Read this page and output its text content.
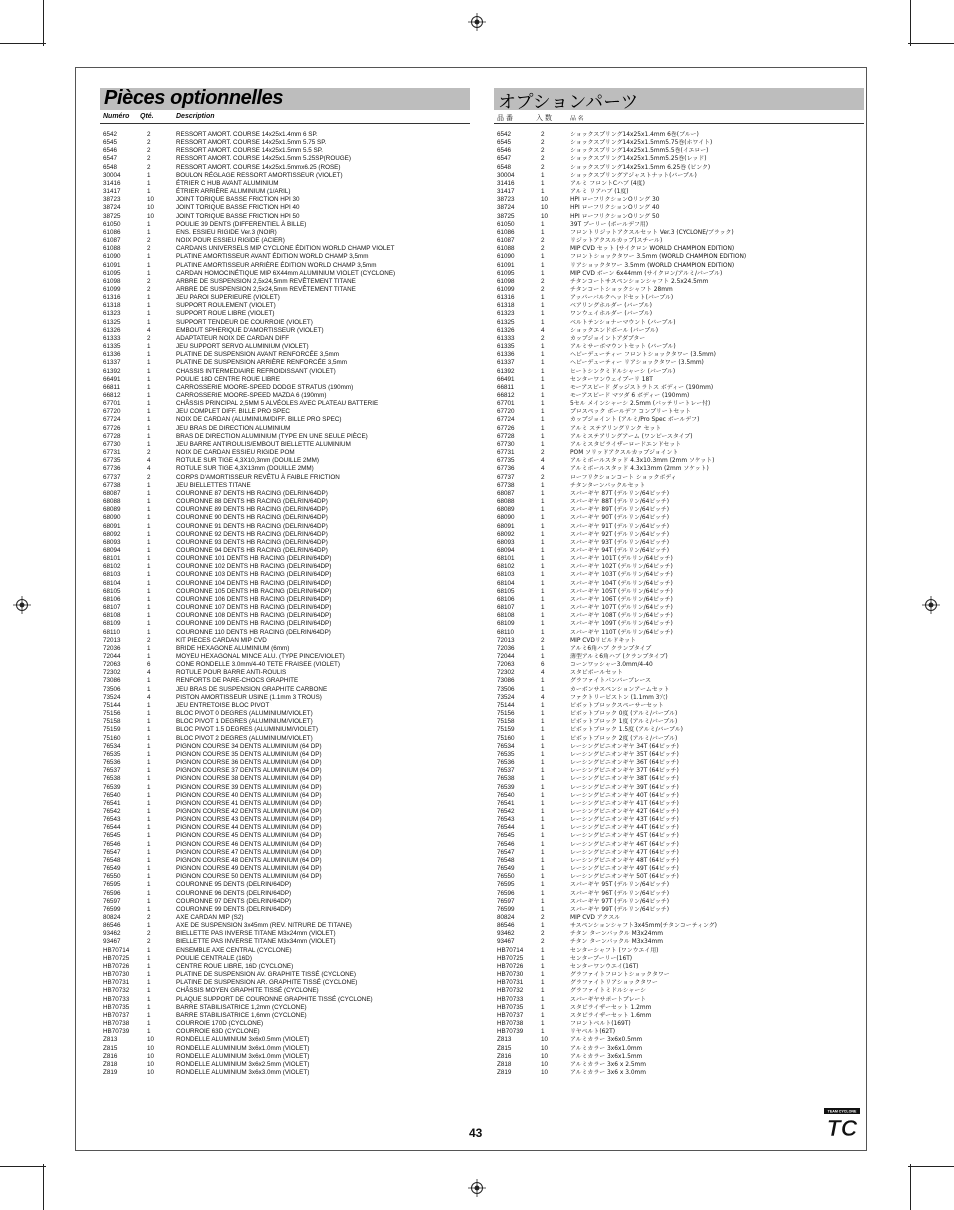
Pièces optionnelles
Numéro Qté.	Description
6542	2	RESSORT AMORT. COURSE 14x25x1.4mm 6 SP.
6545	2	RESSORT AMORT. COURSE 14x25x1.5mm 5.75 SP.
6546	2	RESSORT AMORT. COURSE 14x25x1.5mm 5.5 SP.
6547	2	RESSORT AMORT. COURSE 14x25x1.5mm 5.25SP(ROUGE)
6548	2	RESSORT AMORT. COURSE 14x25x1.5mmx6.25 (ROSE)
30004	1	BOULON RÉGLAGE RESSORT AMORTISSEUR (VIOLET)
31416	1	ÉTRIER C HUB AVANT ALUMINIUM
31417	1	ÉTRIER ARRIÈRE ALUMINIUM (1/ARIL)
38723	10	JOINT TORIQUE BASSE FRICTION HPI 30
38724	10	JOINT TORIQUE BASSE FRICTION HPI 40
38725	10	JOINT TORIQUE BASSE FRICTION HPI 50
61050	1	POULIE 39 DENTS (DIFFERENTIEL À BILLE)
61086	1	ENS. ESSIEU RIGIDE Ver.3 (NOIR)
61087	2	NOIX POUR ESSIEU RIGIDE (ACIER)
61088	2	CARDANS UNIVERSELS MIP CYCLONE ÉDITION WORLD CHAMP VIOLET
61090	1	PLATINE AMORTISSEUR AVANT ÉDITION WORLD CHAMP 3,5mm
61091	1	PLATINE AMORTISSEUR ARRIÈRE ÉDITION WORLD CHAMP 3,5mm
61095	1	CARDAN HOMOCINÉTIQUE MIP 6X44mm ALUMINIUM VIOLET (CYCLONE)
61098	2	ARBRE DE SUSPENSION 2,5x24,5mm REVÊTEMENT TITANE
61099	2	ARBRE DE SUSPENSION 2,5x24,5mm REVÊTEMENT TITANE
61316	1	JEU PAROI SUPERIEURE (VIOLET)
61318	1	SUPPORT ROULEMENT (VIOLET)
61323	1	SUPPORT ROUE LIBRE (VIOLET)
61325	1	SUPPORT TENDEUR DE COURROIE (VIOLET)
61326	4	EMBOUT SPHERIQUE D'AMORTISSEUR (VIOLET)
61333	2	ADAPTATEUR NOIX DE CARDAN DIFF
61335	1	JEU SUPPORT SERVO ALUMINIUM (VIOLET)
61336	1	PLATINE DE SUSPENSION AVANT RENFORCÉE 3,5mm
61337	1	PLATINE DE SUSPENSION ARRIÈRE RENFORCÉE 3,5mm
61392	1	CHASSIS INTERMEDIAIRE REFROIDISSANT (VIOLET)
66491	1	POULIE 18D CENTRE ROUE LIBRE
66811	1	CARROSSERIE MOORE-SPEED DODGE STRATUS (190mm)
66812	1	CARROSSERIE MOORE-SPEED MAZDA 6 (190mm)
67701	1	CHÂSSIS PRINCIPAL 2,5MM 5 ALVÉOLES AVEC PLATEAU BATTERIE
67720	1	JEU COMPLET DIFF. BILLE PRO SPEC
67724	1	NOIX DE CARDAN (ALUMINIUM/DIFF. BILLE PRO SPEC)
67726	1	JEU BRAS DE DIRECTION ALUMINIUM
67728	1	BRAS DE DIRECTION ALUMINIUM (TYPE EN UNE SEULE PIÈCE)
67730	1	JEU BARRE ANTIROULIS/EMBOUT BIELLETTE ALUMINIUM
67731	2	NOIX DE CARDAN ESSIEU RIGIDE POM
67735	4	ROTULE SUR TIGE 4,3X10,3mm (DOUILLE 2MM)
67736	4	ROTULE SUR TIGE 4,3X13mm (DOUILLE 2MM)
67737	2	CORPS D'AMORTISSEUR REVÊTU À FAIBLE FRICTION
67738	1	JEU BIELLETTES TITANE
68087	1	COURONNE 87 DENTS HB RACING (DELRIN/64DP)
68088	1	COURONNE 88 DENTS HB RACING (DELRIN/64DP)
68089	1	COURONNE 89 DENTS HB RACING (DELRIN/64DP)
68090	1	COURONNE 90 DENTS HB RACING (DELRIN/64DP)
68091	1	COURONNE 91 DENTS HB RACING (DELRIN/64DP)
68092	1	COURONNE 92 DENTS HB RACING (DELRIN/64DP)
68093	1	COURONNE 93 DENTS HB RACING (DELRIN/64DP)
68094	1	COURONNE 94 DENTS HB RACING (DELRIN/64DP)
68101	1	COURONNE 101 DENTS HB RACING (DELRIN/64DP)
68102	1	COURONNE 102 DENTS HB RACING (DELRIN/64DP)
68103	1	COURONNE 103 DENTS HB RACING (DELRIN/64DP)
68104	1	COURONNE 104 DENTS HB RACING (DELRIN/64DP)
68105	1	COURONNE 105 DENTS HB RACING (DELRIN/64DP)
68106	1	COURONNE 106 DENTS HB RACING (DELRIN/64DP)
68107	1	COURONNE 107 DENTS HB RACING (DELRIN/64DP)
68108	1	COURONNE 108 DENTS HB RACING (DELRIN/64DP)
68109	1	COURONNE 109 DENTS HB RACING (DELRIN/64DP)
68110	1	COURONNE 110 DENTS HB RACING (DELRIN/64DP)
72013	2	KIT PIECES CARDAN MIP CVD
72036	1	BRIDE HEXAGONE ALUMINIUM (6mm)
72044	1	MOYEU HEXAGONAL MINCE ALU. (TYPE PINCE/VIOLET)
72063	6	CONE RONDELLE 3.0mm/4-40 TETE FRAISEE (VIOLET)
72302	4	ROTULE POUR BARRE ANTI-ROULIS
73086	1	RENFORTS DE PARE-CHOCS GRAPHITE
73506	1	JEU BRAS DE SUSPENSION GRAPHITE CARBONE
73524	4	PISTON AMORTISSEUR USINE (1.1mm 3 TROUS)
75144	1	JEU ENTRETOISE BLOC PIVOT
75156	1	BLOC PIVOT 0 DEGRES (ALUMINIUM/VIOLET)
75158	1	BLOC PIVOT 1 DEGRES (ALUMINIUM/VIOLET)
75159	1	BLOC PIVOT 1.5 DEGRES (ALUMINIUM/VIOLET)
75160	1	BLOC PIVOT 2 DEGRES (ALUMINIUM/VIOLET)
76534	1	PIGNON COURSE 34 DENTS ALUMINIUM (64 DP)
76535	1	PIGNON COURSE 35 DENTS ALUMINIUM (64 DP)
76536	1	PIGNON COURSE 36 DENTS ALUMINIUM (64 DP)
76537	1	PIGNON COURSE 37 DENTS ALUMINIUM (64 DP)
76538	1	PIGNON COURSE 38 DENTS ALUMINIUM (64 DP)
76539	1	PIGNON COURSE 39 DENTS ALUMINIUM (64 DP)
76540	1	PIGNON COURSE 40 DENTS ALUMINIUM (64 DP)
76541	1	PIGNON COURSE 41 DENTS ALUMINIUM (64 DP)
76542	1	PIGNON COURSE 42 DENTS ALUMINIUM (64 DP)
76543	1	PIGNON COURSE 43 DENTS ALUMINIUM (64 DP)
76544	1	PIGNON COURSE 44 DENTS ALUMINIUM (64 DP)
76545	1	PIGNON COURSE 45 DENTS ALUMINIUM (64 DP)
76546	1	PIGNON COURSE 46 DENTS ALUMINIUM (64 DP)
76547	1	PIGNON COURSE 47 DENTS ALUMINIUM (64 DP)
76548	1	PIGNON COURSE 48 DENTS ALUMINIUM (64 DP)
76549	1	PIGNON COURSE 49 DENTS ALUMINIUM (64 DP)
76550	1	PIGNON COURSE 50 DENTS ALUMINIUM (64 DP)
76595	1	COURONNE 95 DENTS (DELRIN/64DP)
76596	1	COURONNE 96 DENTS (DELRIN/64DP)
76597	1	COURONNE 97 DENTS (DELRIN/64DP)
76599	1	COURONNE 99 DENTS (DELRIN/64DP)
80824	2	AXE CARDAN MIP (S2)
86546	1	AXE DE SUSPENSION 3x45mm (REV. NITRURE DE TITANE)
93462	2	BIELLETTE PAS INVERSE TITANE M3x24mm (VIOLET)
93467	2	BIELLETTE PAS INVERSE TITANE M3x34mm (VIOLET)
HB70714	1	ENSEMBLE AXE CENTRAL (CYCLONE)
HB70725	1	POULIE CENTRALE (16D)
HB70726	1	CENTRE ROUE LIBRE, 16D (CYCLONE)
HB70730	1	PLATINE DE SUSPENSION AV. GRAPHITE TISSÉ (CYCLONE)
HB70731	1	PLATINE DE SUSPENSION AR. GRAPHITE TISSÉ (CYCLONE)
HB70732	1	CHÂSSIS MOYEN GRAPHITE TISSÉ (CYCLONE)
HB70733	1	PLAQUE SUPPORT DE COURONNE GRAPHITE TISSÉ (CYCLONE)
HB70735	1	BARRE STABILISATRICE 1,2mm (CYCLONE)
HB70737	1	BARRE STABILISATRICE 1,6mm (CYCLONE)
HB70738	1	COURROIE 170D (CYCLONE)
HB70739	1	COURROIE 63D (CYCLONE)
Z813	10	RONDELLE ALUMINIUM 3x6x0.5mm (VIOLET)
Z815	10	RONDELLE ALUMINIUM 3x6x1.0mm (VIOLET)
Z816	10	RONDELLE ALUMINIUM 3x6x1.0mm (VIOLET)
Z818	10	RONDELLE ALUMINIUM 3x6x2.5mm (VIOLET)
Z819	10	RONDELLE ALUMINIUM 3x6x3.0mm (VIOLET)
オプションパーツ
品 番	入 数	品 名
6542	2	ショックスプリング14x25x1.4mm 6巻(ブルー)
6545	2	ショックスプリング14x25x1.5mm5.75巻(ホワイト)
6546	2	ショックスプリング14x25x1.5mm5.5巻(イエロー)
6547	2	ショックスプリング14x25x1.5mm5.25巻(レッド)
6548	2	ショックスプリング14x25x1.5mm 6.25巻 (ピンク)
30004	1	ショックスプリングアジャストナット(パープル)
31416	1	アルミ フロントCハブ (4度)
31417	1	アルミ リアハブ (1度)
38723	10	HPI ローフリクションOリング 30
38724	10	HPI ローフリクションOリング 40
38725	10	HPI ローフリクションOリング 50
61050	1	39T プーリー (ボールデフ用)
61086	1	フロントリジットアクスルセット Ver.3 (CYCLONE/ブラック)
61087	2	リジットアクスルカップ(スチール)
61088	2	MIP CVD セット (サイクロン WORLD CHAMPION EDITION)
61090	1	フロントショックタワー 3.5mm (WORLD CHAMPION EDITION)
61091	1	リアショックタワー 3.5mm (WORLD CHAMPION EDITION)
61095	1	MIP CVD ボーン 6x44mm (サイクロン/アルミ/パープル)
61098	2	チタンコートサスペンションシャフト 2.5x24.5mm
61099	2	チタンコートショックシャフト 28mm
61316	1	アッパーバルクヘッドセット(パープル)
61318	1	ベアリングホルダー (パープル)
61323	1	ワンウェイホルダー (パープル)
61325	1	ベルトテンショナーマウント (パープル)
61326	4	ショックエンドボール (パープル)
61333	2	カップジョイントアダプター
61335	1	アルミサーボマウントセット (パープル)
61336	1	ヘビーデューティー フロントショックタワー (3.5mm)
61337	1	ヘビーデューティー リアショックタワー (3.5mm)
61392	1	ヒートシンクミドルシャーシ (パープル)
66491	1	センターワンウェイプーリ 18T
66811	1	モーアスピード ダッジストラトス ボディー (190mm)
66812	1	モーアスピード マツダ 6 ボディー (190mm)
67701	1	5セル メインシャーシ 2.5mm (バッテリートレー付)
67720	1	プロスペック ボールデフ コンプリートセット
67724	1	カップジョイント (アルミ/Pro Spec ボールデフ)
67726	1	アルミ ステアリングリンク セット
67728	1	アルミステアリングアーム (ワンピースタイプ)
67730	1	アルミスタビライザーロードエンドセット
67731	2	POM ソリッドアクスルカップジョイント
67735	4	アルミボールスタッド 4.3x10.3mm (2mm ソケット)
67736	4	アルミボールスタッド 4.3x13mm (2mm ソケット)
67737	2	ローフリクションコート ショックボディ
67738	1	チタンターンバックルセット
68087	1	スパーギヤ 87T (デルリン/64ピッチ)
68088	1	スパーギヤ 88T (デルリン/64ピッチ)
68089	1	スパーギヤ 89T (デルリン/64ピッチ)
68090	1	スパーギヤ 90T (デルリン/64ピッチ)
68091	1	スパーギヤ 91T (デルリン/64ピッチ)
68092	1	スパーギヤ 92T (デルリン/64ピッチ)
68093	1	スパーギヤ 93T (デルリン/64ピッチ)
68094	1	スパーギヤ 94T (デルリン/64ピッチ)
68101	1	スパーギヤ 101T (デルリン/64ピッチ)
68102	1	スパーギヤ 102T (デルリン/64ピッチ)
68103	1	スパーギヤ 103T (デルリン/64ピッチ)
68104	1	スパーギヤ 104T (デルリン/64ピッチ)
68105	1	スパーギヤ 105T (デルリン/64ピッチ)
68106	1	スパーギヤ 106T (デルリン/64ピッチ)
68107	1	スパーギヤ 107T (デルリン/64ピッチ)
68108	1	スパーギヤ 108T (デルリン/64ピッチ)
68109	1	スパーギヤ 109T (デルリン/64ピッチ)
68110	1	スパーギヤ 110T (デルリン/64ピッチ)
72013	2	MIP CVDリビルドキット
72036	1	アルミ6角ハブ クランプタイプ
72044	1	薄型アルミ6角ハブ (クランプタイプ)
72063	6	コーンワッシャー3.0mm/4-40
72302	4	スタビボールセット
73086	1	グラファイトバンパーブレース
73506	1	カーボンサスペンションアームセット
73524	4	ファクトリーピストン (1.1mm 3穴)
75144	1	ピボットブロックスペーサーセット
75156	1	ピボットブロック 0度 (アルミ/パープル)
75158	1	ピボットブロック 1度 (アルミ/パープル)
75159	1	ピボットブロック 1.5度 (アルミ/パープル)
75160	1	ピボットブロック 2度 (アルミ/パープル)
76534	1	レーシングピニオンギヤ 34T (64ピッチ)
76535	1	レーシングピニオンギヤ 35T (64ピッチ)
76536	1	レーシングピニオンギヤ 36T (64ピッチ)
76537	1	レーシングピニオンギヤ 37T (64ピッチ)
76538	1	レーシングピニオンギヤ 38T (64ピッチ)
76539	1	レーシングピニオンギヤ 39T (64ピッチ)
76540	1	レーシングピニオンギヤ 40T (64ピッチ)
76541	1	レーシングピニオンギヤ 41T (64ピッチ)
76542	1	レーシングピニオンギヤ 42T (64ピッチ)
76543	1	レーシングピニオンギヤ 43T (64ピッチ)
76544	1	レーシングピニオンギヤ 44T (64ピッチ)
76545	1	レーシングピニオンギヤ 45T (64ピッチ)
76546	1	レーシングピニオンギヤ 46T (64ピッチ)
76547	1	レーシングピニオンギヤ 47T (64ピッチ)
76548	1	レーシングピニオンギヤ 48T (64ピッチ)
76549	1	レーシングピニオンギヤ 49T (64ピッチ)
76550	1	レーシングピニオンギヤ 50T (64ピッチ)
76595	1	スパーギヤ 95T (デルリン/64ピッチ)
76596	1	スパーギヤ 96T (デルリン/64ピッチ)
76597	1	スパーギヤ 97T (デルリン/64ピッチ)
76599	1	スパーギヤ 99T (デルリン/64ピッチ)
80824	2	MIP CVD アクスル
86546	1	サスペンションシャフト3x45mm(チタンコーティング)
93462	2	チタン ターンバックル M3x24mm
93467	2	チタン ターンバックル M3x34mm
HB70714	1	センターシャフト (ワンウエイ用)
HB70725	1	センタープーリー(16T)
HB70726	1	センターワンウエイ(16T)
HB70730	1	グラファイトフロントショックタワー
HB70731	1	グラファイトリアショックタワー
HB70732	1	グラファイトミドルシャーシ
HB70733	1	スパーギヤサポートプレート
HB70735	1	スタビライザーセット 1.2mm
HB70737	1	スタビライザーセット 1.6mm
HB70738	1	フロントベルト(169T)
HB70739	1	リヤベルト(62T)
Z813	10	アルミカラー 3x6x0.5mm
Z815	10	アルミカラー 3x6x1.0mm
Z816	10	アルミカラー 3x6x1.5mm
Z818	10	アルミカラー 3x6 x 2.5mm
Z819	10	アルミカラー 3x6 x 3.0mm
43
TEAM CYCLONE
TC
